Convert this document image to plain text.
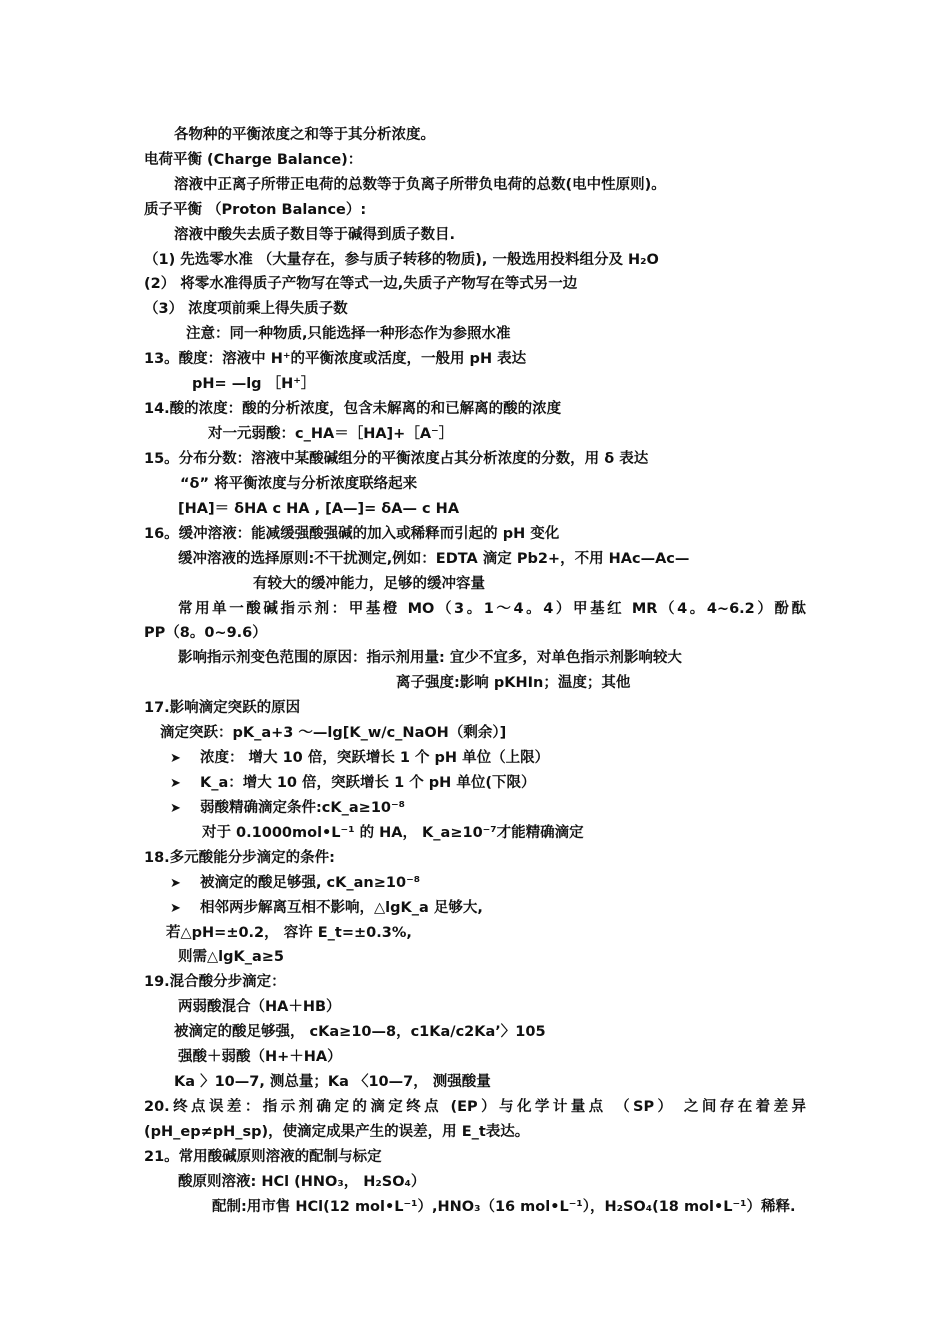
各物种的平衡浓度之和等于其分析浓度。
电荷平衡 (Charge Balance)：
溶液中正离子所带正电荷的总数等于负离子所带负电荷的总数(电中性原则)。
质子平衡 （Proton Balance）:
溶液中酸失去质子数目等于碱得到质子数目.
（1) 先选零水准 （大量存在，参与质子转移的物质), 一般选用投料组分及 H₂O
(2） 将零水准得质子产物写在等式一边,失质子产物写在等式另一边
（3） 浓度项前乘上得失质子数
注意：同一种物质,只能选择一种形态作为参照水准
13。酸度：溶液中 H⁺的平衡浓度或活度，一般用 pH 表达
pH= —lg ［H⁺］
14.酸的浓度：酸的分析浓度，包含未解离的和已解离的酸的浓度
对一元弱酸：c_HA＝［HA]+［A⁻］
15。分布分数：溶液中某酸碱组分的平衡浓度占其分析浓度的分数，用 δ 表达
“δ” 将平衡浓度与分析浓度联络起来
[HA]＝ δHA c HA , [A—]= δA— c HA
16。缓冲溶液：能减缓强酸强碱的加入或稀释而引起的 pH 变化
缓冲溶液的选择原则:不干扰测定,例如：EDTA 滴定 Pb2+，不用 HAc—Ac—
有较大的缓冲能力，足够的缓冲容量
常用单一酸碱指示剂：甲基橙 MO（3。1～4。4）甲基红 MR（4。4~6.2）酚酞
PP（8。0~9.6）
影响指示剂变色范围的原因：指示剂用量: 宜少不宜多，对单色指示剂影响较大
离子强度:影响 pKHIn；温度；其他
17.影响滴定突跃的原因
滴定突跃：pK_a+3 ～—lg[K_w/c_NaOH（剩余）]
➤ 浓度： 增大 10 倍，突跃增长 1 个 pH 单位（上限）
➤ K_a：增大 10 倍，突跃增长 1 个 pH 单位(下限）
➤ 弱酸精确滴定条件:cK_a≥10⁻⁸
对于 0.1000mol•L⁻¹ 的 HA， K_a≥10⁻⁷才能精确滴定
18.多元酸能分步滴定的条件:
➤ 被滴定的酸足够强, cK_an≥10⁻⁸
➤ 相邻两步解离互相不影响，△lgK_a 足够大,
若△pH=±0.2， 容许 E_t=±0.3%,
则需△lgK_a≥5
19.混合酸分步滴定：
两弱酸混合（HA＋HB）
被滴定的酸足够强， cKa≥10—8，c1Ka/c2Ka’〉105
强酸＋弱酸（H+＋HA）
Ka 〉10—7, 测总量；Ka 〈10—7， 测强酸量
20.终点误差：指示剂确定的滴定终点 (EP）与化学计量点 （SP） 之间存在着差异
(pH_ep≠pH_sp)，使滴定成果产生的误差，用 E_t表达。
21。常用酸碱原则溶液的配制与标定
酸原则溶液: HCl (HNO₃， H₂SO₄）
配制:用市售 HCl(12 mol•L⁻¹）,HNO₃（16 mol•L⁻¹），H₂SO₄(18 mol•L⁻¹）稀释.
